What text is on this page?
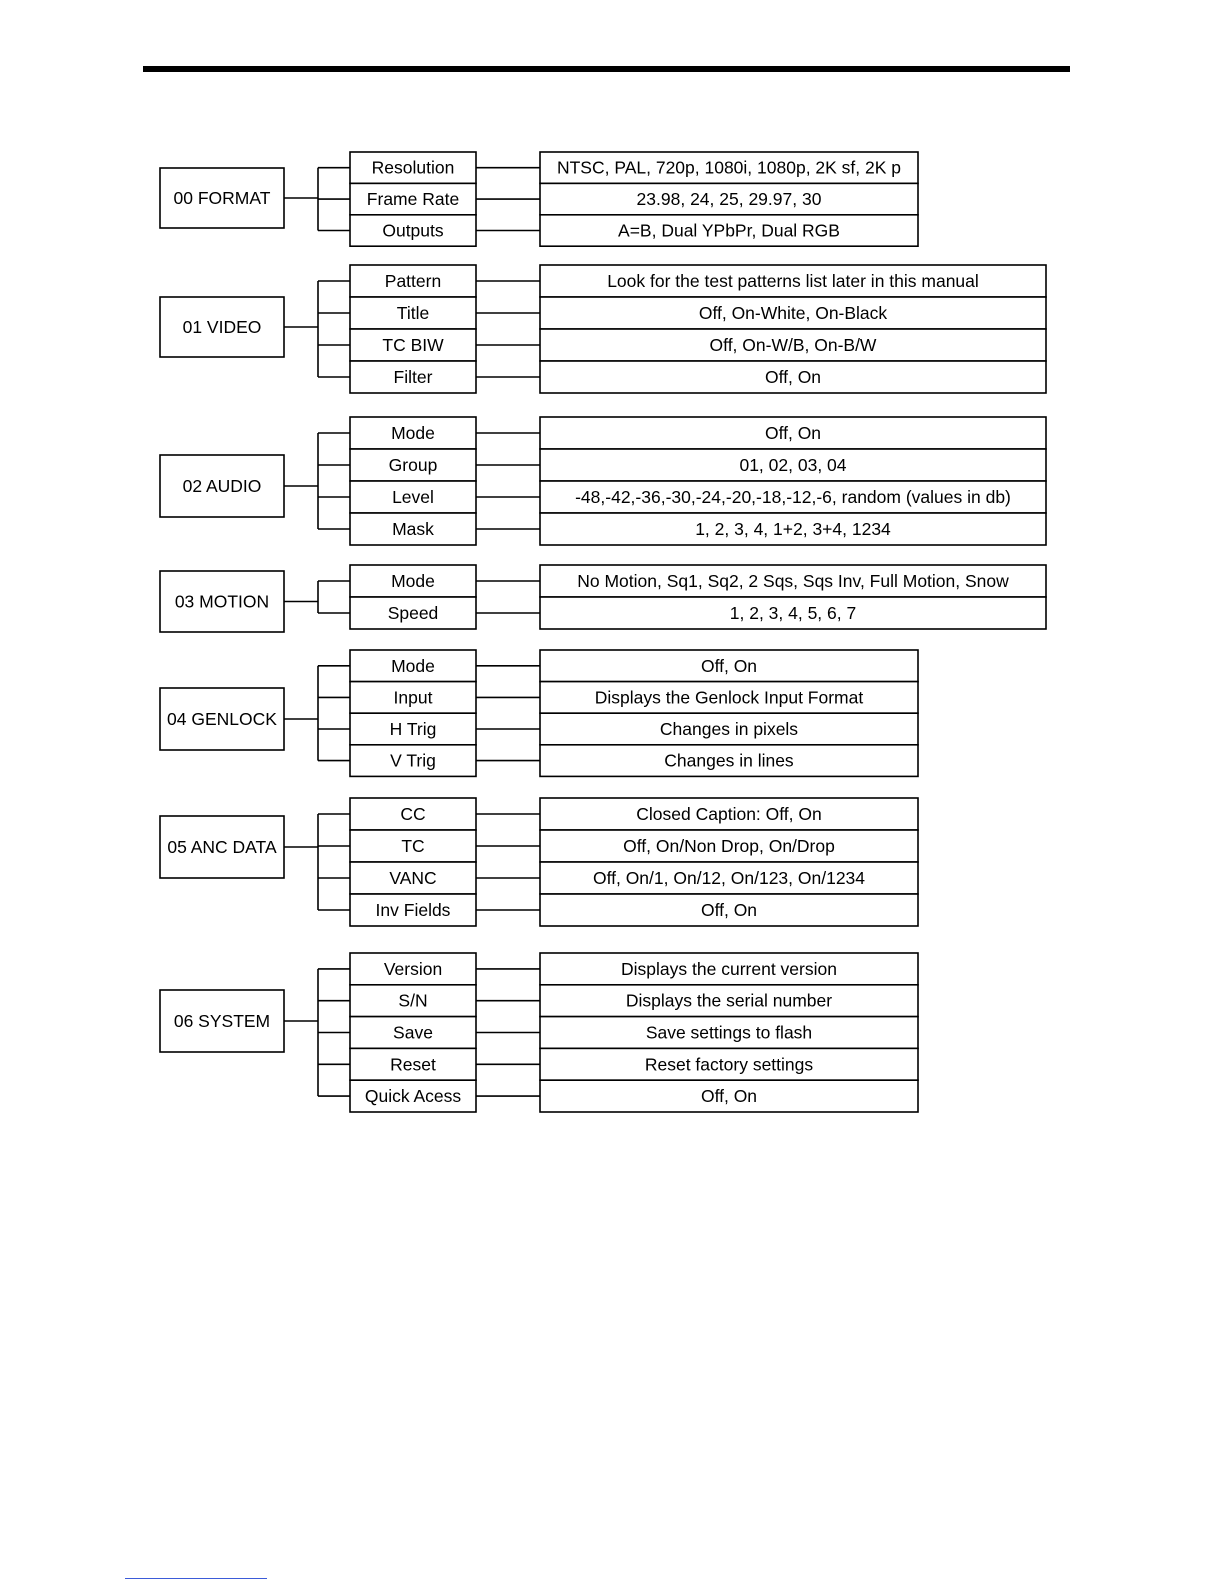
00 FORMAT
Resolution	NTSC, PAL, 720p, 1080i, 1080p, 2K sf, 2K p
Frame Rate	23.98, 24, 25, 29.97, 30
Outputs	A=B, Dual YPbPr, Dual RGB
01 VIDEO
Pattern	Look for the test patterns list later in this manual
Title	Off, On-White, On-Black
TC BIW	Off, On-W/B, On-B/W
Filter	Off, On
02 AUDIO
Mode	Off, On
Group	01, 02, 03, 04
Level	-48,-42,-36,-30,-24,-20,-18,-12,-6, random (values in db)
Mask	1, 2, 3, 4, 1+2, 3+4, 1234
03 MOTION
Mode	No Motion, Sq1, Sq2, 2 Sqs, Sqs Inv, Full Motion, Snow
Speed	1, 2, 3, 4, 5, 6, 7
04 GENLOCK
Mode	Off, On
Input	Displays the Genlock Input Format
H Trig	Changes in pixels
V Trig	Changes in lines
05 ANC DATA
CC	Closed Caption: Off, On
TC	Off, On/Non Drop, On/Drop
VANC	Off, On/1, On/12, On/123, On/1234
Inv Fields	Off, On
06 SYSTEM
Version	Displays the current version
S/N	Displays the serial number
Save	Save settings to flash
Reset	Reset factory settings
Quick Acess	Off, On
